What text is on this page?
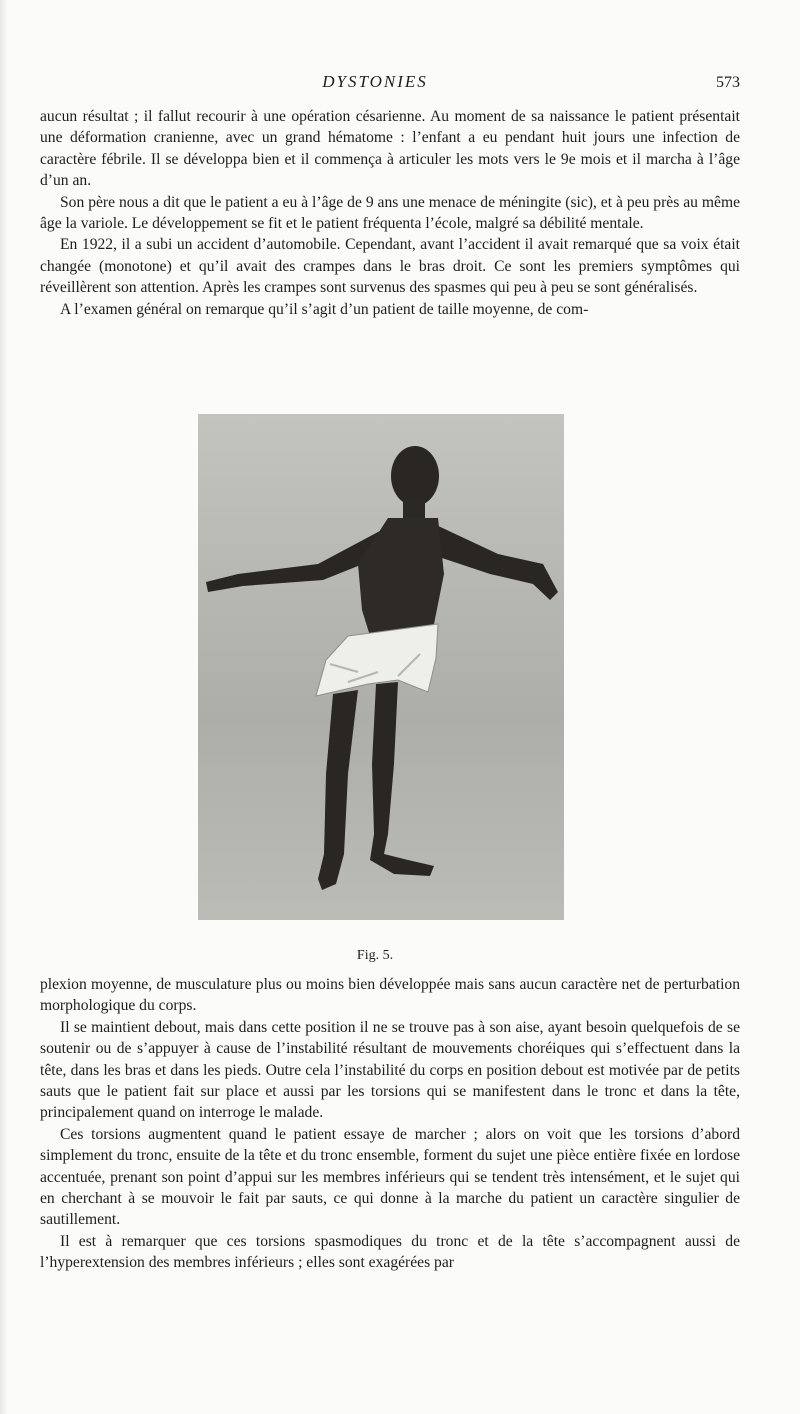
DYSTONIES	573

aucun résultat ; il fallut recourir à une opération césarienne. Au moment de sa naissance le patient présentait une déformation cranienne, avec un grand hématome : l’enfant a eu pendant huit jours une infection de caractère fébrile. Il se développa bien et il commença à articuler les mots vers le 9e mois et il marcha à l’âge d’un an.

Son père nous a dit que le patient a eu à l’âge de 9 ans une menace de méningite (sic), et à peu près au même âge la variole. Le développement se fit et le patient fréquenta l’école, malgré sa débilité mentale.

En 1922, il a subi un accident d’automobile. Cependant, avant l’accident il avait remarqué que sa voix était changée (monotone) et qu’il avait des crampes dans le bras droit. Ce sont les premiers symptômes qui réveillèrent son attention. Après les crampes sont survenus des spasmes qui peu à peu se sont généralisés.

A l’examen général on remarque qu’il s’agit d’un patient de taille moyenne, de com-

Fig. 5.

plexion moyenne, de musculature plus ou moins bien développée mais sans aucun caractère net de perturbation morphologique du corps.

Il se maintient debout, mais dans cette position il ne se trouve pas à son aise, ayant besoin quelquefois de se soutenir ou de s’appuyer à cause de l’instabilité résultant de mouvements choréiques qui s’effectuent dans la tête, dans les bras et dans les pieds. Outre cela l’instabilité du corps en position debout est motivée par de petits sauts que le patient fait sur place et aussi par les torsions qui se manifestent dans le tronc et dans la tête, principalement quand on interroge le malade.

Ces torsions augmentent quand le patient essaye de marcher ; alors on voit que les torsions d’abord simplement du tronc, ensuite de la tête et du tronc ensemble, forment du sujet une pièce entière fixée en lordose accentuée, prenant son point d’appui sur les membres inférieurs qui se tendent très intensément, et le sujet qui en cherchant à se mouvoir le fait par sauts, ce qui donne à la marche du patient un caractère singulier de sautillement.

Il est à remarquer que ces torsions spasmodiques du tronc et de la tête s’accompagnent aussi de l’hyperextension des membres inférieurs ; elles sont exagérées par
